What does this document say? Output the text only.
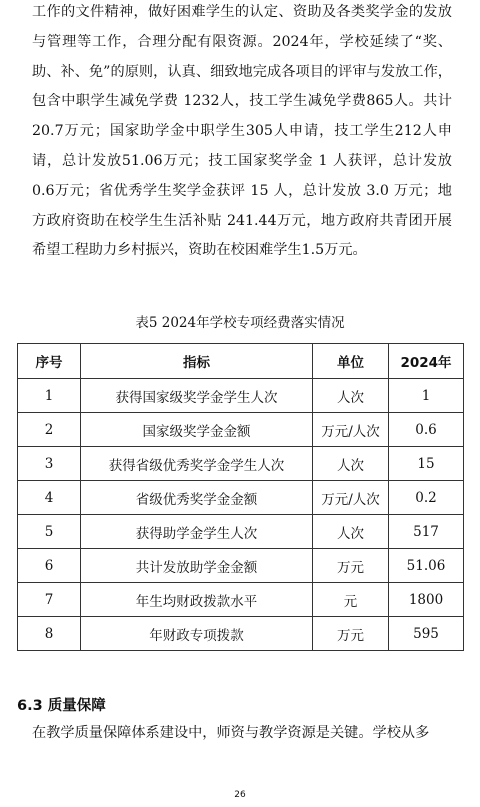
工作的文件精神，做好困难学生的认定、资助及各类奖学金的发放与管理等工作，合理分配有限资源。2024年，学校延续了“奖、助、补、免”的原则，认真、细致地完成各项目的评审与发放工作，包含中职学生减免学费 1232人，技工学生减免学费865人。共计 20.7万元；国家助学金中职学生305人申请，技工学生212人申请，总计发放51.06万元；技工国家奖学金 1 人获评，总计发放 0.6万元；省优秀学生奖学金获评 15 人，总计发放 3.0 万元；地方政府资助在校学生生活补贴 241.44万元，地方政府共青团开展希望工程助力乡村振兴，资助在校困难学生1.5万元。

表5 2024年学校专项经费落实情况
序号	指标	单位	2024年
1	获得国家级奖学金学生人次	人次	1
2	国家级奖学金金额	万元/人次	0.6
3	获得省级优秀奖学金学生人次	人次	15
4	省级优秀奖学金金额	万元/人次	0.2
5	获得助学金学生人次	人次	517
6	共计发放助学金金额	万元	51.06
7	年生均财政拨款水平	元	1800
8	年财政专项拨款	万元	595
6.3 质量保障

在教学质量保障体系建设中，师资与教学资源是关键。学校从多

26
